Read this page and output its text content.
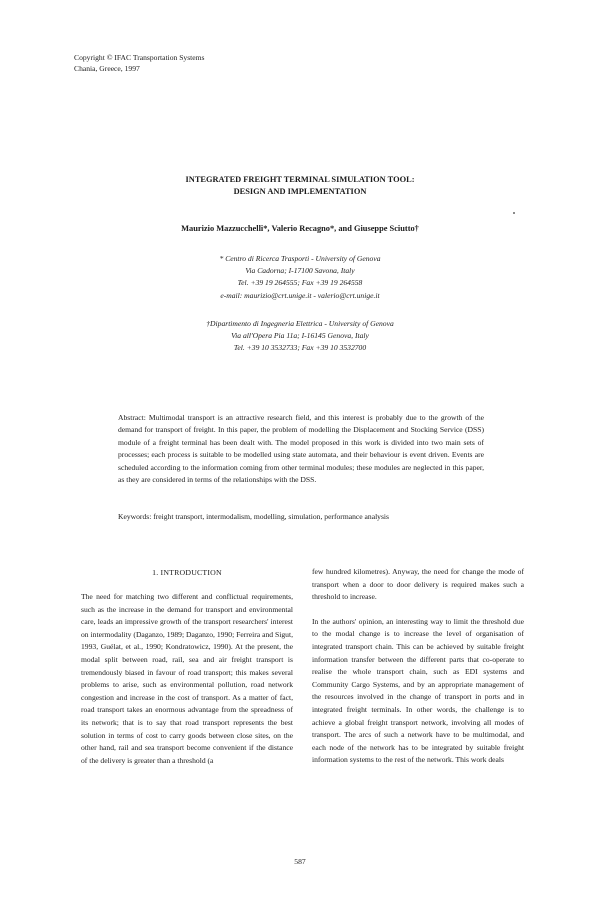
Copyright © IFAC Transportation Systems
Chania, Greece, 1997
INTEGRATED FREIGHT TERMINAL SIMULATION TOOL:
DESIGN AND IMPLEMENTATION
Maurizio Mazzucchelli*, Valerio Recagno*, and Giuseppe Sciutto†
* Centro di Ricerca Trasporti - University of Genova
Via Cadorna; I-17100 Savona, Italy
Tel. +39 19 264555; Fax +39 19 264558
e-mail: maurizio@crt.unige.it - valerio@crt.unige.it
†Dipartimento di Ingegneria Elettrica - University of Genova
Via all'Opera Pia 11a; I-16145 Genova, Italy
Tel. +39 10 3532733; Fax +39 10 3532700

Abstract: Multimodal transport is an attractive research field, and this interest is probably due to the growth of the demand for transport of freight. In this paper, the problem of modelling the Displacement and Stocking Service (DSS) module of a freight terminal has been dealt with. The model proposed in this work is divided into two main sets of processes; each process is suitable to be modelled using state automata, and their behaviour is event driven. Events are scheduled according to the information coming from other terminal modules; these modules are neglected in this paper, as they are considered in terms of the relationships with the DSS.

Keywords: freight transport, intermodalism, modelling, simulation, performance analysis
1. INTRODUCTION

The need for matching two different and conflictual requirements, such as the increase in the demand for transport and environmental care, leads an impressive growth of the transport researchers' interest on intermodality (Daganzo, 1989; Daganzo, 1990; Ferreira and Sigut, 1993, Guélat, et al., 1990; Kondratowicz, 1990). At the present, the modal split between road, rail, sea and air freight transport is tremendously biased in favour of road transport; this makes several problems to arise, such as environmental pollution, road network congestion and increase in the cost of transport. As a matter of fact, road transport takes an enormous advantage from the spreadness of its network; that is to say that road transport represents the best solution in terms of cost to carry goods between close sites, on the other hand, rail and sea transport become convenient if the distance of the delivery is greater than a threshold (a

few hundred kilometres). Anyway, the need for change the mode of transport when a door to door delivery is required makes such a threshold to increase.

In the authors' opinion, an interesting way to limit the threshold due to the modal change is to increase the level of organisation of integrated transport chain. This can be achieved by suitable freight information transfer between the different parts that co-operate to realise the whole transport chain, such as EDI systems and Community Cargo Systems, and by an appropriate management of the resources involved in the change of transport in ports and in integrated freight terminals. In other words, the challenge is to achieve a global freight transport network, involving all modes of transport. The arcs of such a network have to be multimodal, and each node of the network has to be integrated by suitable freight information systems to the rest of the network. This work deals

587
